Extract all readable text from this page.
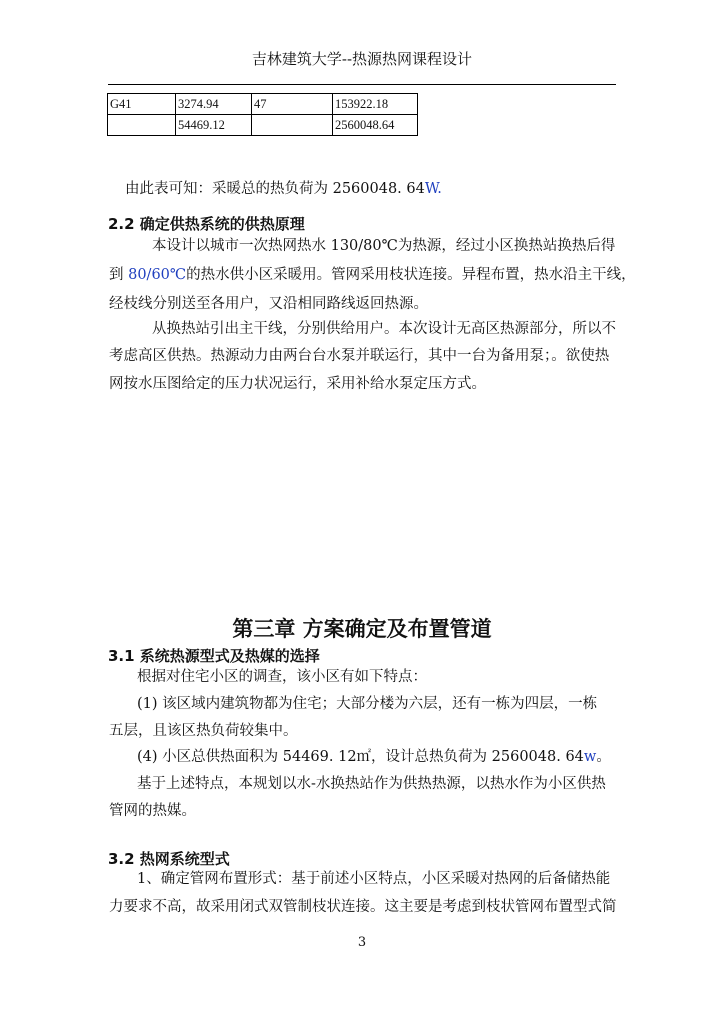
吉林建筑大学--热源热网课程设计
G41	3274.94	47	153922.18
	54469.12		2560048.64
由此表可知：采暖总的热负荷为 2560048. 64W.
2.2 确定供热系统的供热原理
本设计以城市一次热网热水 130/80℃为热源，经过小区换热站换热后得
到 80/60℃的热水供小区采暖用。管网采用枝状连接。异程布置，热水沿主干线，
经枝线分别送至各用户，又沿相同路线返回热源。
从换热站引出主干线，分别供给用户。本次设计无高区热源部分，所以不
考虑高区供热。热源动力由两台台水泵并联运行，其中一台为备用泵；。欲使热
网按水压图给定的压力状况运行，采用补给水泵定压方式。
第三章 方案确定及布置管道
3.1 系统热源型式及热媒的选择
根据对住宅小区的调查，该小区有如下特点：
(1) 该区域内建筑物都为住宅；大部分楼为六层，还有一栋为四层，一栋
五层，且该区热负荷较集中。
(4) 小区总供热面积为 54469. 12㎡，设计总热负荷为 2560048. 64w。
基于上述特点，本规划以水-水换热站作为供热热源，以热水作为小区供热
管网的热媒。
3.2 热网系统型式
1、确定管网布置形式：基于前述小区特点，小区采暖对热网的后备储热能
力要求不高，故采用闭式双管制枝状连接。这主要是考虑到枝状管网布置型式简
3
